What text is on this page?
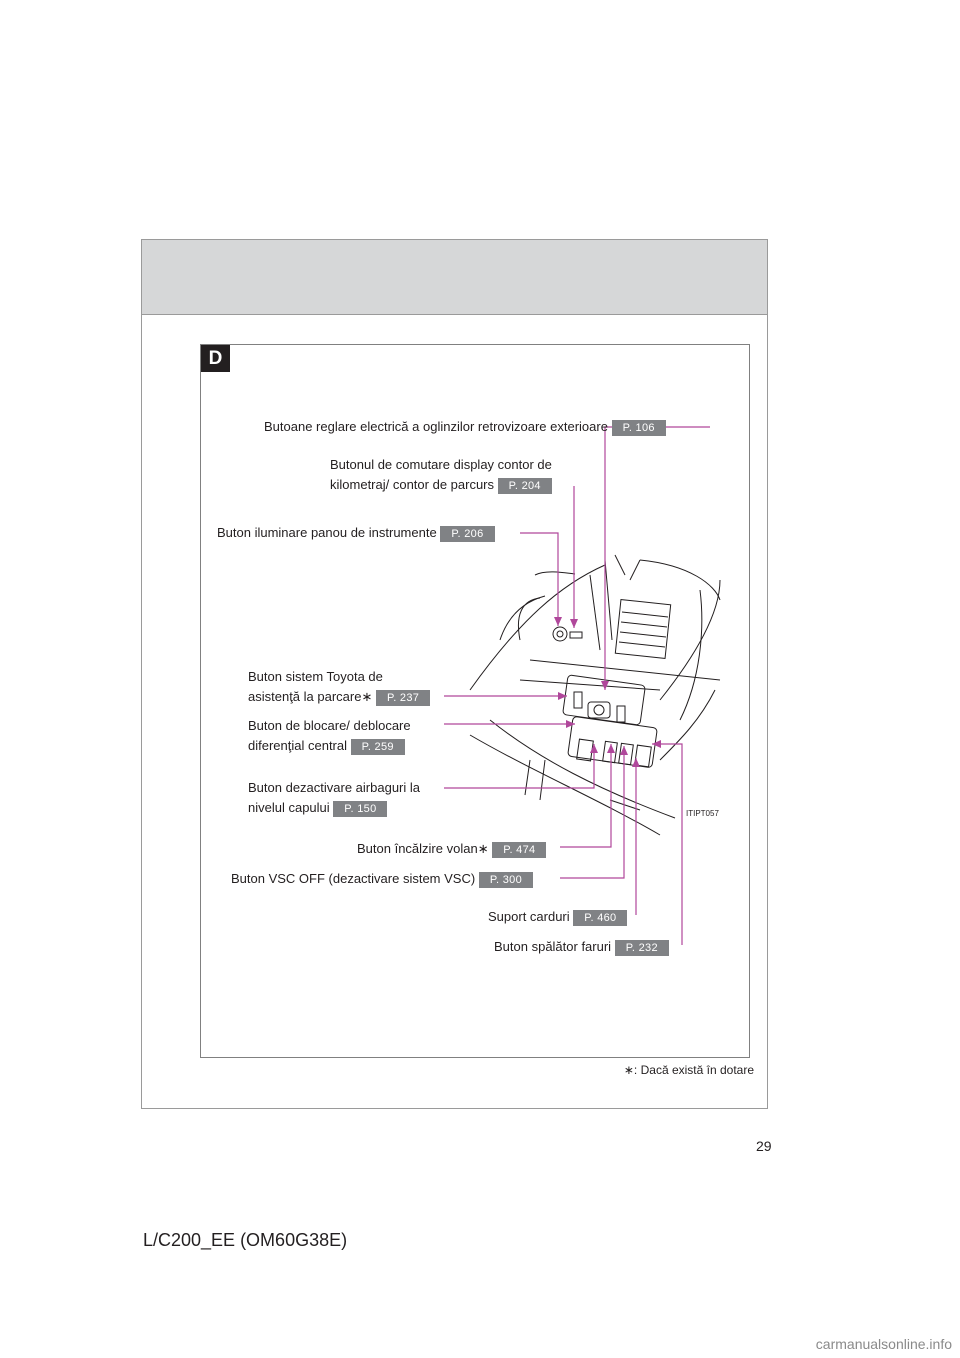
D
ITIPT057
Butoane reglare electrică a oglinzilor retrovizoare exterioare P. 106
Butonul de comutare display contor de
kilometraj/ contor de parcurs P. 204
Buton iluminare panou de instrumente P. 206
Buton sistem Toyota de
asistenţă la parcare∗ P. 237
Buton de blocare/ deblocare
diferenţial central P. 259
Buton dezactivare airbaguri la
nivelul capului P. 150
Buton încălzire volan∗ P. 474
Buton VSC OFF (dezactivare sistem VSC) P. 300
Suport carduri P. 460
Buton spălător faruri P. 232
∗: Dacă există în dotare
29
L/C200_EE (OM60G38E)
carmanualsonline.info
